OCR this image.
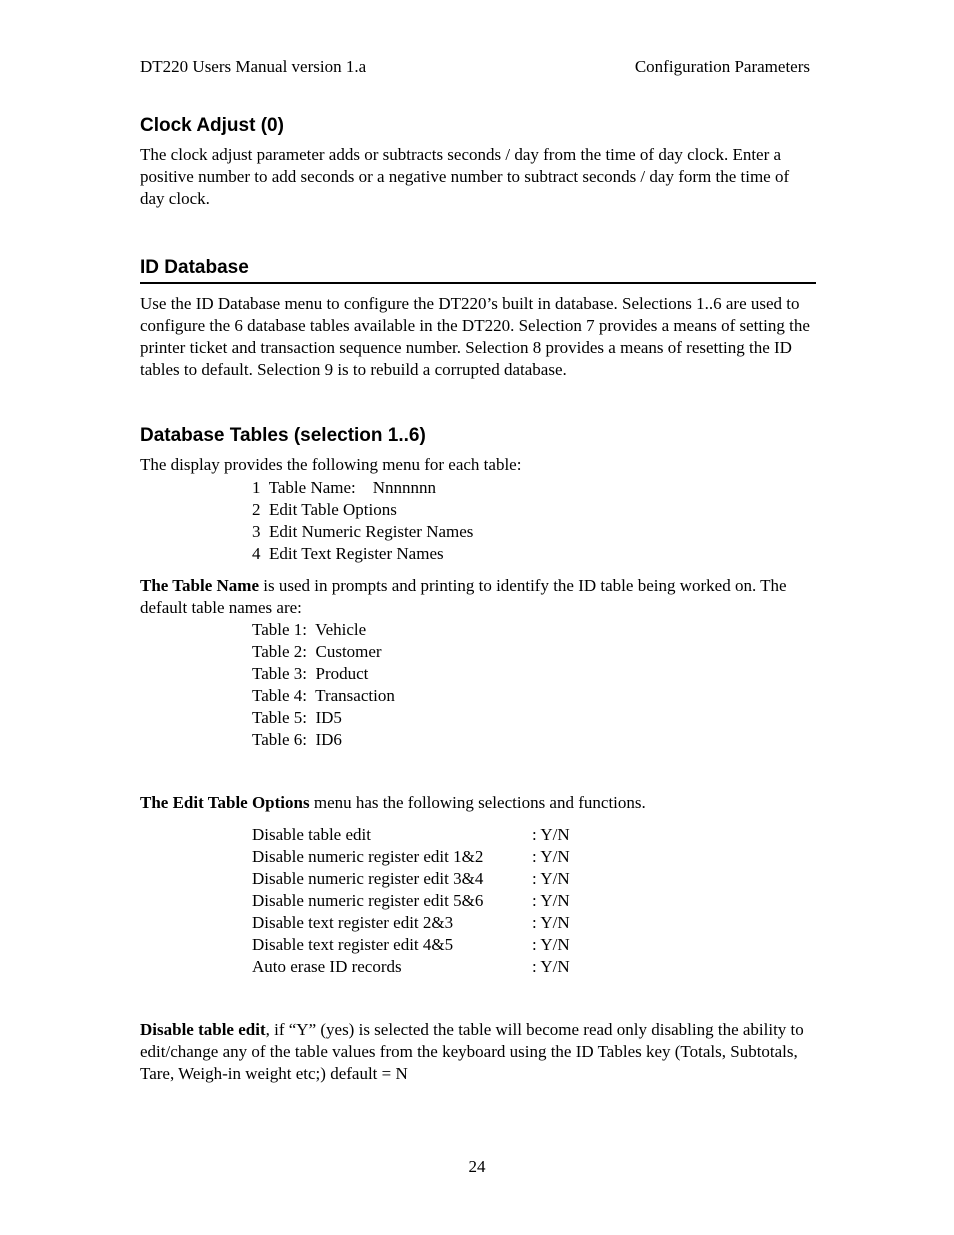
DT220 Users Manual version 1.a	Configuration Parameters
Clock Adjust (0)

The clock adjust parameter adds or subtracts seconds / day from the time of day clock. Enter a positive number to add seconds or a negative number to subtract seconds / day form the time of day clock.

ID Database

Use the ID Database menu to configure the DT220’s built in database. Selections 1..6 are used to configure the 6 database tables available in the DT220. Selection 7 provides a means of setting the printer ticket and transaction sequence number. Selection 8 provides a means of resetting the ID tables to default. Selection 9 is to rebuild a corrupted database.

Database Tables (selection 1..6)

The display provides the following menu for each table:

1  Table Name:    Nnnnnnn
2  Edit Table Options
3  Edit Numeric Register Names
4  Edit Text Register Names

The Table Name is used in prompts and printing to identify the ID table being worked on. The default table names are:

Table 1:  Vehicle
Table 2:  Customer
Table 3:  Product
Table 4:  Transaction
Table 5:  ID5
Table 6:  ID6

The Edit Table Options menu has the following selections and functions.

Disable table edit	: Y/N
Disable numeric register edit 1&2	: Y/N
Disable numeric register edit 3&4	: Y/N
Disable numeric register edit 5&6	: Y/N
Disable text register edit 2&3	: Y/N
Disable text register edit 4&5	: Y/N
Auto erase ID records	: Y/N

Disable table edit, if “Y” (yes) is selected the table will become read only disabling the ability to edit/change any of the table values from the keyboard using the ID Tables key (Totals, Subtotals, Tare, Weigh-in weight etc;) default = N

24
